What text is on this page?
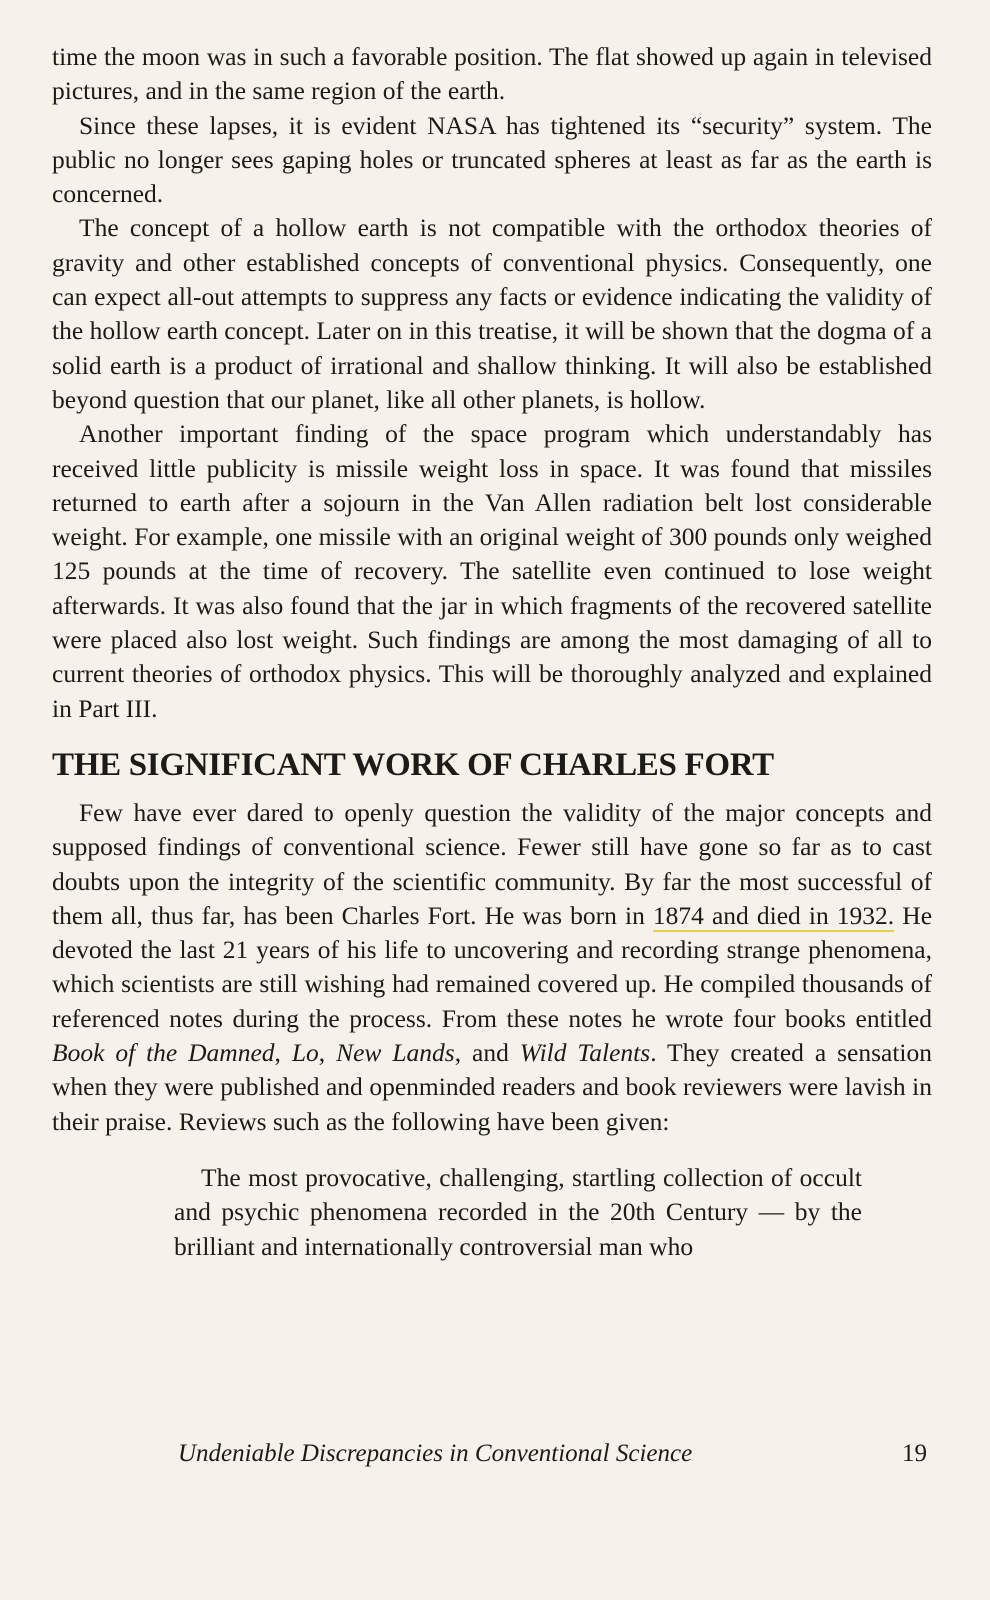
time the moon was in such a favorable position. The flat showed up again in televised pictures, and in the same region of the earth.

Since these lapses, it is evident NASA has tightened its “security” system. The public no longer sees gaping holes or truncated spheres at least as far as the earth is concerned.

The concept of a hollow earth is not compatible with the orthodox theories of gravity and other established concepts of conventional physics. Consequently, one can expect all-out attempts to suppress any facts or evidence indicating the validity of the hollow earth concept. Later on in this treatise, it will be shown that the dogma of a solid earth is a product of irrational and shallow thinking. It will also be established beyond question that our planet, like all other planets, is hollow.

Another important finding of the space program which understandably has received little publicity is missile weight loss in space. It was found that missiles returned to earth after a sojourn in the Van Allen radiation belt lost considerable weight. For example, one missile with an original weight of 300 pounds only weighed 125 pounds at the time of recovery. The satellite even continued to lose weight afterwards. It was also found that the jar in which fragments of the recovered satellite were placed also lost weight. Such findings are among the most damaging of all to current theories of orthodox physics. This will be thoroughly analyzed and explained in Part III.

THE SIGNIFICANT WORK OF CHARLES FORT

Few have ever dared to openly question the validity of the major concepts and supposed findings of conventional science. Fewer still have gone so far as to cast doubts upon the integrity of the scientific community. By far the most successful of them all, thus far, has been Charles Fort. He was born in 1874 and died in 1932. He devoted the last 21 years of his life to uncovering and recording strange phenomena, which scientists are still wishing had remained covered up. He compiled thousands of referenced notes during the process. From these notes he wrote four books entitled Book of the Damned, Lo, New Lands, and Wild Talents. They created a sensation when they were published and openminded readers and book reviewers were lavish in their praise. Reviews such as the following have been given:

The most provocative, challenging, startling collection of occult and psychic phenomena recorded in the 20th Century — by the brilliant and internationally controversial man who

Undeniable Discrepancies in Conventional Science	19
